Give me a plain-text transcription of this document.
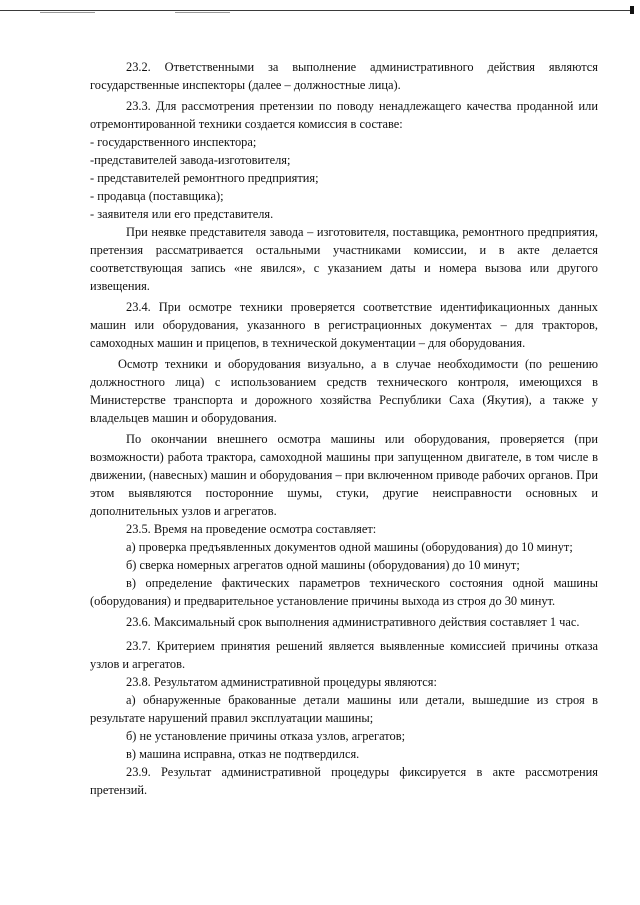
23.2. Ответственными за выполнение административного действия являются государственные инспекторы (далее – должностные лица).

23.3. Для рассмотрения претензии по поводу ненадлежащего качества проданной или отремонтированной техники создается комиссия в составе:

- государственного инспектора;

-представителей завода-изготовителя;

- представителей ремонтного предприятия;

- продавца (поставщика);

- заявителя или его представителя.

При неявке представителя завода – изготовителя, поставщика, ремонтного предприятия, претензия рассматривается остальными участниками комиссии, и в акте делается соответствующая запись «не явился», с указанием даты и номера вызова или другого извещения.

23.4. При осмотре техники проверяется соответствие идентификационных данных машин или оборудования, указанного в регистрационных документах – для тракторов, самоходных машин и прицепов, в технической документации – для оборудования.

Осмотр техники и оборудования визуально, а в случае необходимости (по решению должностного лица) с использованием средств технического контроля, имеющихся в Министерстве транспорта и дорожного хозяйства Республики Саха (Якутия), а также у владельцев машин и оборудования.

По окончании внешнего осмотра машины или оборудования, проверяется (при возможности) работа трактора, самоходной машины при запущенном двигателе, в том числе в движении, (навесных) машин и оборудования – при включенном приводе рабочих органов. При этом выявляются посторонние шумы, стуки, другие неисправности основных и дополнительных узлов и агрегатов.

23.5. Время на проведение осмотра составляет:

а) проверка предъявленных документов одной машины (оборудования) до 10 минут;

б) сверка номерных агрегатов одной машины (оборудования) до 10 минут;

в) определение фактических параметров технического состояния одной машины (оборудования) и предварительное установление причины выхода из строя до 30 минут.

23.6. Максимальный срок выполнения административного действия составляет 1 час.

23.7. Критерием принятия решений является выявленные комиссией причины отказа узлов и агрегатов.

23.8. Результатом административной процедуры являются:

а) обнаруженные бракованные детали машины или детали, вышедшие из строя в результате нарушений правил эксплуатации машины;

б) не установление причины отказа узлов, агрегатов;

в) машина исправна, отказ не подтвердился.

23.9. Результат административной процедуры фиксируется в акте рассмотрения претензий.
